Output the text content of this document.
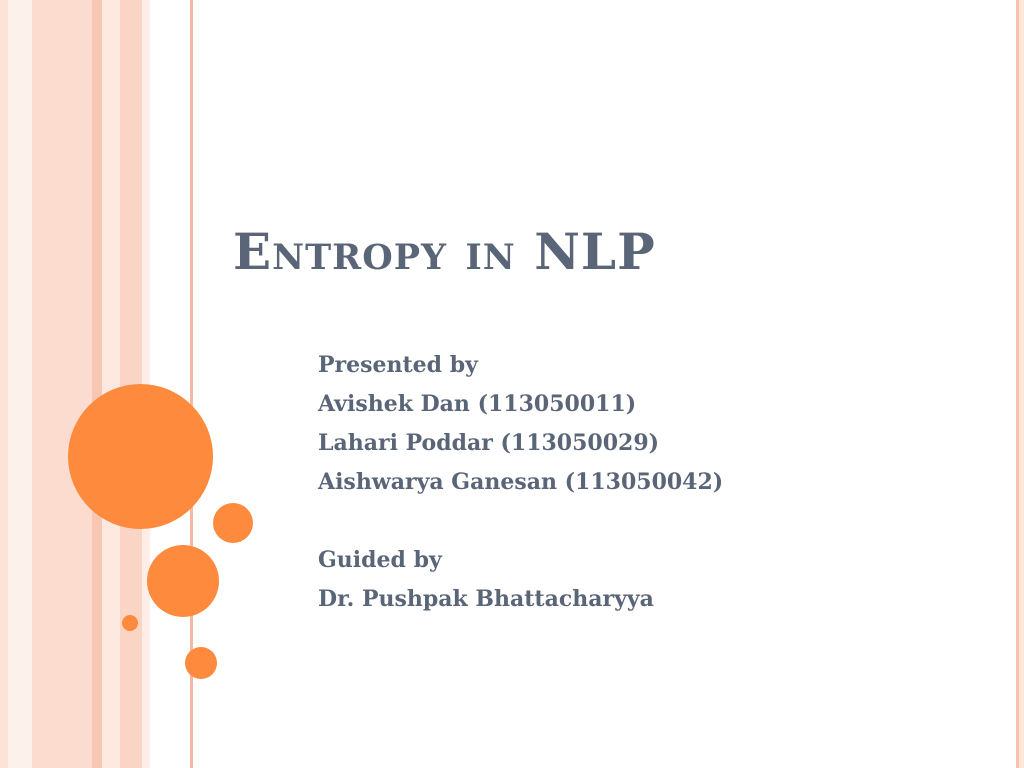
Entropy in NLP
Presented by
Avishek Dan (113050011)
Lahari Poddar (113050029)
Aishwarya Ganesan (113050042)
Guided by
Dr. Pushpak Bhattacharyya
